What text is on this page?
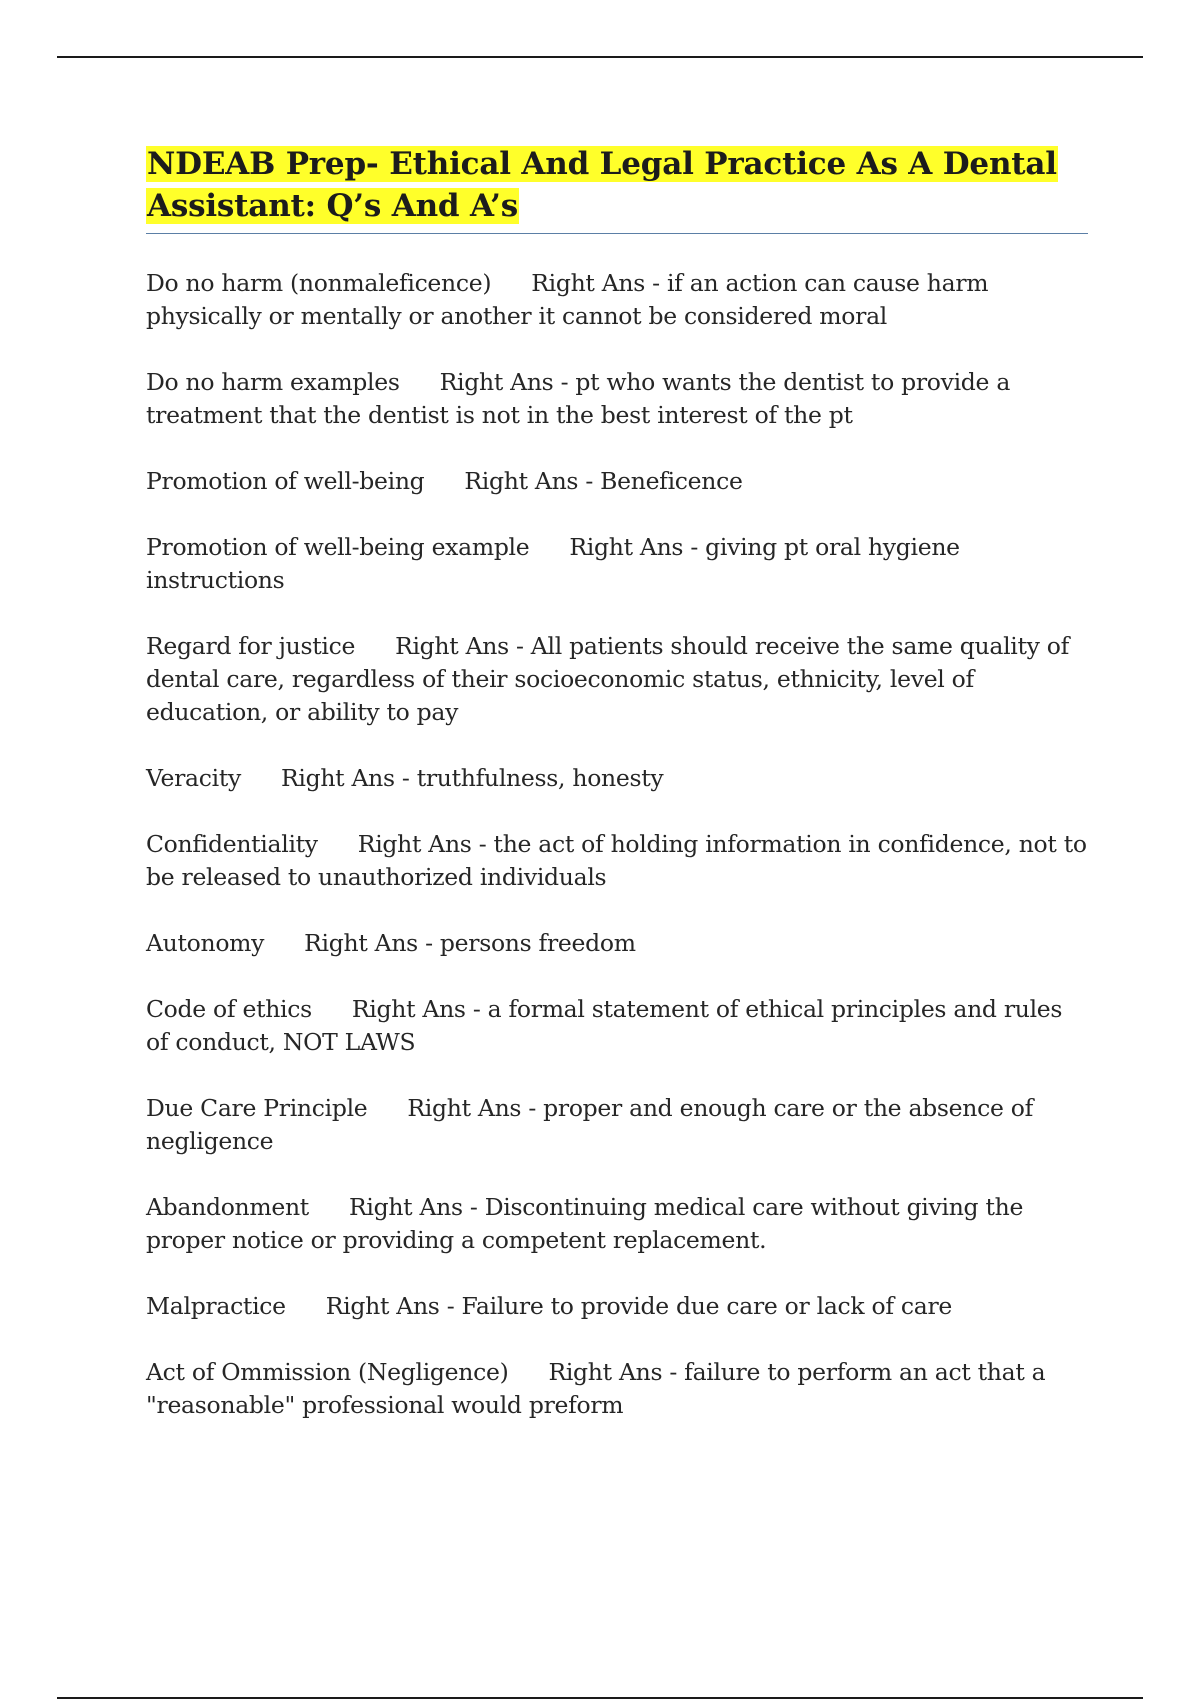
NDEAB Prep- Ethical And Legal Practice As A Dental Assistant: Q’s And A’s

Do no harm (nonmaleficence) Right Ans - if an action can cause harm physically or mentally or another it cannot be considered moral

Do no harm examples Right Ans - pt who wants the dentist to provide a treatment that the dentist is not in the best interest of the pt

Promotion of well-being Right Ans - Beneficence

Promotion of well-being example Right Ans - giving pt oral hygiene instructions

Regard for justice Right Ans - All patients should receive the same quality of dental care, regardless of their socioeconomic status, ethnicity, level of education, or ability to pay

Veracity Right Ans - truthfulness, honesty

Confidentiality Right Ans - the act of holding information in confidence, not to be released to unauthorized individuals

Autonomy Right Ans - persons freedom

Code of ethics Right Ans - a formal statement of ethical principles and rules of conduct, NOT LAWS

Due Care Principle Right Ans - proper and enough care or the absence of negligence

Abandonment Right Ans - Discontinuing medical care without giving the proper notice or providing a competent replacement.

Malpractice Right Ans - Failure to provide due care or lack of care

Act of Ommission (Negligence) Right Ans - failure to perform an act that a "reasonable" professional would preform
